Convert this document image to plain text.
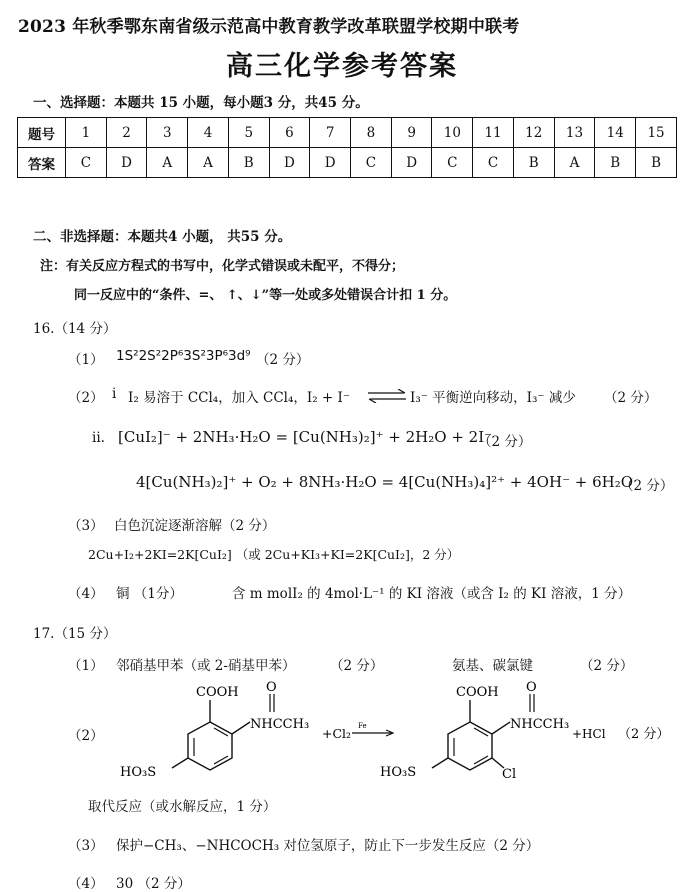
2023 年秋季鄂东南省级示范高中教育教学改革联盟学校期中联考
高三化学参考答案
一、选择题：本题共 15 小题，每小题3 分，共45 分。
题号	1	2	3	4	5	6	7	8	9	10	11	12	13	14	15
答案	C	D	A	A	B	D	D	C	D	C	C	B	A	B	B
二、非选择题：本题共4 小题， 共55 分。
注：有关反应方程式的书写中，化学式错误或未配平，不得分；
同一反应中的“条件、=、 ↑、↓”等一处或多处错误合计扣 1 分。
16.（14 分）
（1） 1S²2S²2P⁶3S²3P⁶3d⁹ （2 分）
（2） i I₂ 易溶于 CCl₄，加入 CCl₄，I₂ + I⁻ ⇌ I₃⁻ 平衡逆向移动，I₃⁻ 减少 （2 分）
ii. [CuI₂]⁻ + 2NH₃·H₂O = [Cu(NH₃)₂]⁺ + 2H₂O + 2I⁻
（2 分）
4[Cu(NH₃)₂]⁺ + O₂ + 8NH₃·H₂O = 4[Cu(NH₃)₄]²⁺ + 4OH⁻ + 6H₂O
（2 分）
（3） 白色沉淀逐渐溶解（2 分）
2Cu+I₂+2KI=2K[CuI₂] （或 2Cu+KI₃+KI=2K[CuI₂]，2 分）
（4） 铜 （1分）	含 m molI₂ 的 4mol·L⁻¹ 的 KI 溶液（或含 I₂ 的 KI 溶液，1 分）
17.（15 分）
（1） 邻硝基甲苯（或 2-硝基甲苯）	（2 分）	氨基、碳氯键	（2 分）
（2）
COOH O
NHCCH₃
HO₃S
+Cl₂ Fe
COOH O
NHCCH₃
HO₃S	Cl
+HCl （2 分）
取代反应（或水解反应，1 分）
（3） 保护−CH₃、−NHCOCH₃ 对位氢原子，防止下一步发生反应（2 分）
（4） 30 （2 分）
